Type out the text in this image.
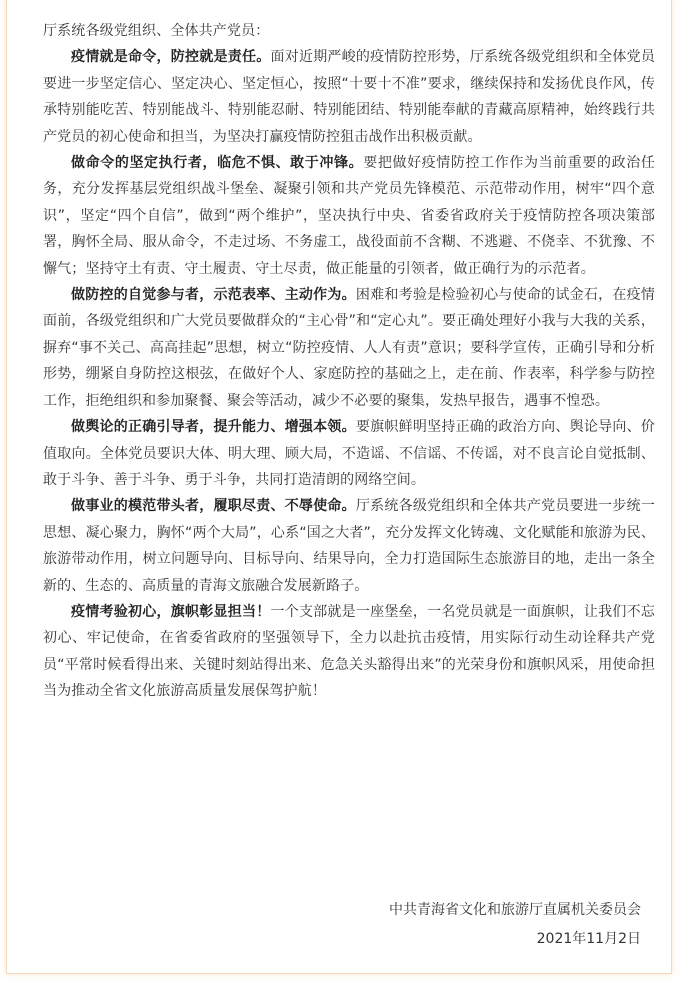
厅系统各级党组织、全体共产党员：

疫情就是命令，防控就是责任。面对近期严峻的疫情防控形势，厅系统各级党组织和全体党员要进一步坚定信心、坚定决心、坚定恒心，按照“十要十不准”要求，继续保持和发扬优良作风，传承特别能吃苦、特别能战斗、特别能忍耐、特别能团结、特别能奉献的青藏高原精神，始终践行共产党员的初心使命和担当，为坚决打赢疫情防控狙击战作出积极贡献。

做命令的坚定执行者，临危不惧、敢于冲锋。要把做好疫情防控工作作为当前重要的政治任务，充分发挥基层党组织战斗堡垒、凝聚引领和共产党员先锋模范、示范带动作用，树牢“四个意识”，坚定“四个自信”，做到“两个维护”，坚决执行中央、省委省政府关于疫情防控各项决策部署，胸怀全局、服从命令，不走过场、不务虚工，战役面前不含糊、不逃避、不侥幸、不犹豫、不懈气；坚持守土有责、守土履责、守土尽责，做正能量的引领者，做正确行为的示范者。

做防控的自觉参与者，示范表率、主动作为。困难和考验是检验初心与使命的试金石，在疫情面前，各级党组织和广大党员要做群众的“主心骨”和“定心丸”。要正确处理好小我与大我的关系，摒弃“事不关己、高高挂起”思想，树立“防控疫情、人人有责”意识；要科学宣传，正确引导和分析形势，绷紧自身防控这根弦，在做好个人、家庭防控的基础之上，走在前、作表率，科学参与防控工作，拒绝组织和参加聚餐、聚会等活动，减少不必要的聚集，发热早报告，遇事不惶恐。

做舆论的正确引导者，提升能力、增强本领。要旗帜鲜明坚持正确的政治方向、舆论导向、价值取向。全体党员要识大体、明大理、顾大局，不造谣、不信谣、不传谣，对不良言论自觉抵制、敢于斗争、善于斗争、勇于斗争，共同打造清朗的网络空间。

做事业的模范带头者，履职尽责、不辱使命。厅系统各级党组织和全体共产党员要进一步统一思想、凝心聚力，胸怀“两个大局”，心系“国之大者”，充分发挥文化铸魂、文化赋能和旅游为民、旅游带动作用，树立问题导向、目标导向、结果导向，全力打造国际生态旅游目的地，走出一条全新的、生态的、高质量的青海文旅融合发展新路子。

疫情考验初心，旗帜彰显担当！一个支部就是一座堡垒，一名党员就是一面旗帜，让我们不忘初心、牢记使命，在省委省政府的坚强领导下，全力以赴抗击疫情，用实际行动生动诠释共产党员“平常时候看得出来、关键时刻站得出来、危急关头豁得出来”的光荣身份和旗帜风采，用使命担当为推动全省文化旅游高质量发展保驾护航！

中共青海省文化和旅游厅直属机关委员会
2021年11月2日
